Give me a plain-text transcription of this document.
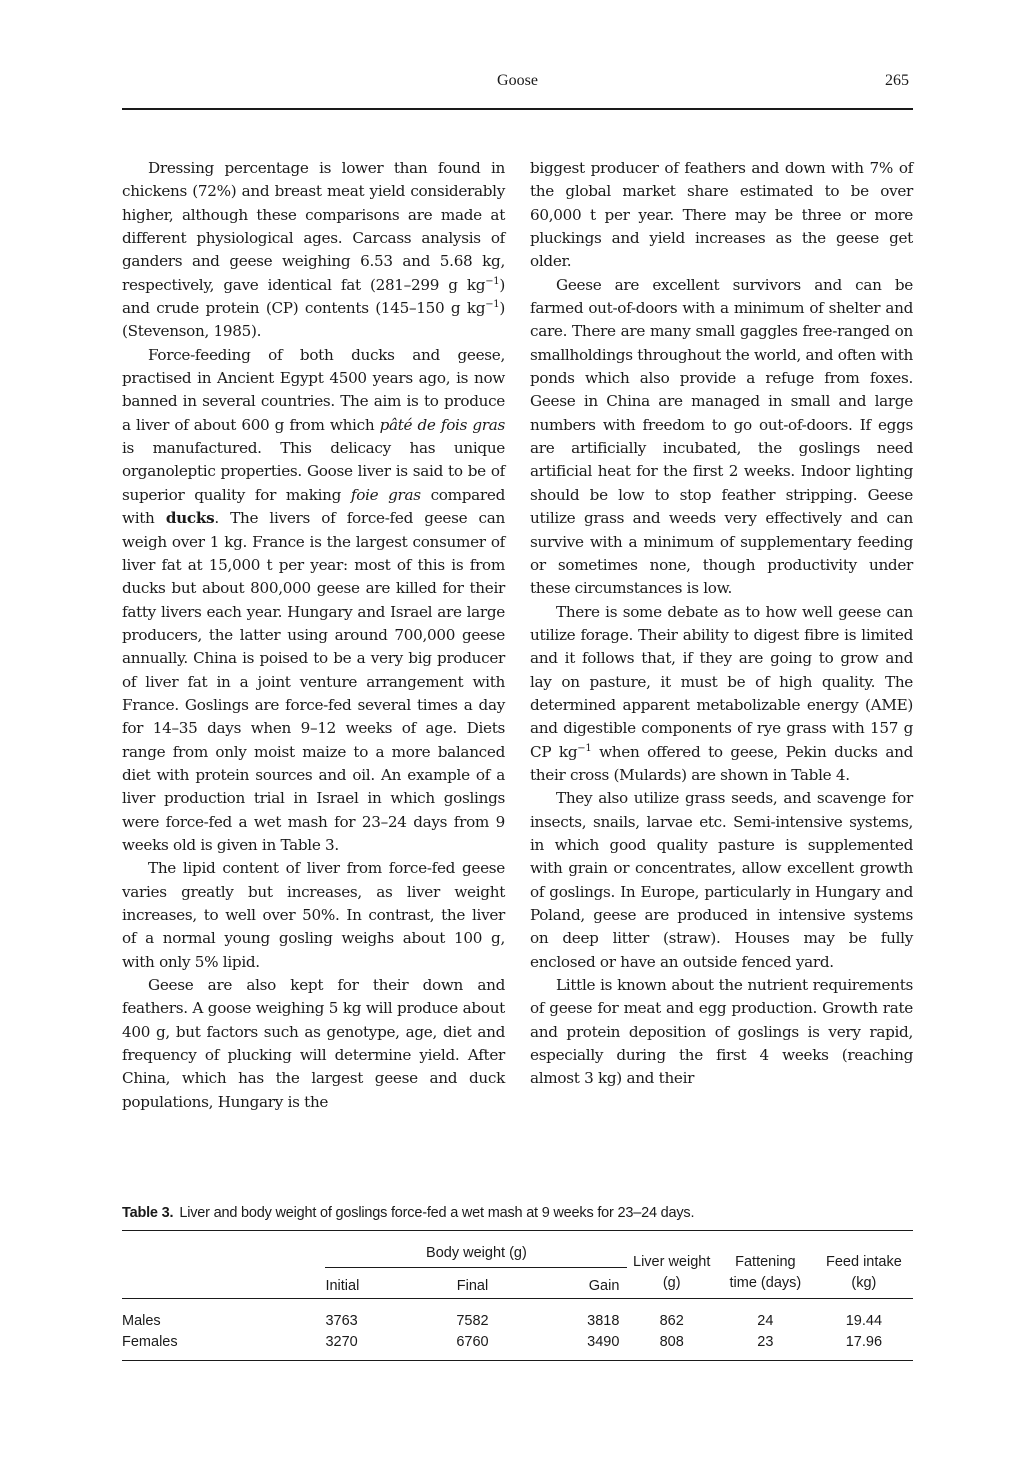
Goose	265

Dressing percentage is lower than found in chickens (72%) and breast meat yield considerably higher, although these comparisons are made at different physiological ages. Carcass analysis of ganders and geese weighing 6.53 and 5.68 kg, respectively, gave identical fat (281–299 g $kg^{-1}$) and crude protein (CP) contents (145–150 g $kg^{-1}$) (Stevenson, 1985).

Force-feeding of both ducks and geese, practised in Ancient Egypt 4500 years ago, is now banned in several countries. The aim is to produce a liver of about 600 g from which pâté de fois gras is manufactured. This delicacy has unique organoleptic properties. Goose liver is said to be of superior quality for making foie gras compared with ducks. The livers of force-fed geese can weigh over 1 kg. France is the largest consumer of liver fat at 15,000 t per year: most of this is from ducks but about 800,000 geese are killed for their fatty livers each year. Hungary and Israel are large producers, the latter using around 700,000 geese annually. China is poised to be a very big producer of liver fat in a joint venture arrangement with France. Goslings are force-fed several times a day for 14–35 days when 9–12 weeks of age. Diets range from only moist maize to a more balanced diet with protein sources and oil. An example of a liver production trial in Israel in which goslings were force-fed a wet mash for 23–24 days from 9 weeks old is given in Table 3.

The lipid content of liver from force-fed geese varies greatly but increases, as liver weight increases, to well over 50%. In contrast, the liver of a normal young gosling weighs about 100 g, with only 5% lipid.

Geese are also kept for their down and feathers. A goose weighing 5 kg will produce about 400 g, but factors such as genotype, age, diet and frequency of plucking will determine yield. After China, which has the largest geese and duck populations, Hungary is the

biggest producer of feathers and down with 7% of the global market share estimated to be over 60,000 t per year. There may be three or more pluckings and yield increases as the geese get older.

Geese are excellent survivors and can be farmed out-of-doors with a minimum of shelter and care. There are many small gaggles free-ranged on smallholdings throughout the world, and often with ponds which also provide a refuge from foxes. Geese in China are managed in small and large numbers with freedom to go out-of-doors. If eggs are artificially incubated, the goslings need artificial heat for the first 2 weeks. Indoor lighting should be low to stop feather stripping. Geese utilize grass and weeds very effectively and can survive with a minimum of supplementary feeding or sometimes none, though productivity under these circumstances is low.

There is some debate as to how well geese can utilize forage. Their ability to digest fibre is limited and it follows that, if they are going to grow and lay on pasture, it must be of high quality. The determined apparent metabolizable energy (AME) and digestible components of rye grass with 157 g CP $kg^{-1}$ when offered to geese, Pekin ducks and their cross (Mulards) are shown in Table 4.

They also utilize grass seeds, and scavenge for insects, snails, larvae etc. Semi-intensive systems, in which good quality pasture is supplemented with grain or concentrates, allow excellent growth of goslings. In Europe, particularly in Hungary and Poland, geese are produced in intensive systems on deep litter (straw). Houses may be fully enclosed or have an outside fenced yard.

Little is known about the nutrient requirements of geese for meat and egg production. Growth rate and protein deposition of goslings is very rapid, especially during the first 4 weeks (reaching almost 3 kg) and their

Table 3. Liver and body weight of goslings force-fed a wet mash at 9 weeks for 23–24 days.

	Body weight (g)			Liver weight
(g)	Fattening
time (days)	Feed intake
(kg)
	Initial	Final	Gain			

Males	3763	7582	3818	862	24	19.44
Females	3270	6760	3490	808	23	17.96
